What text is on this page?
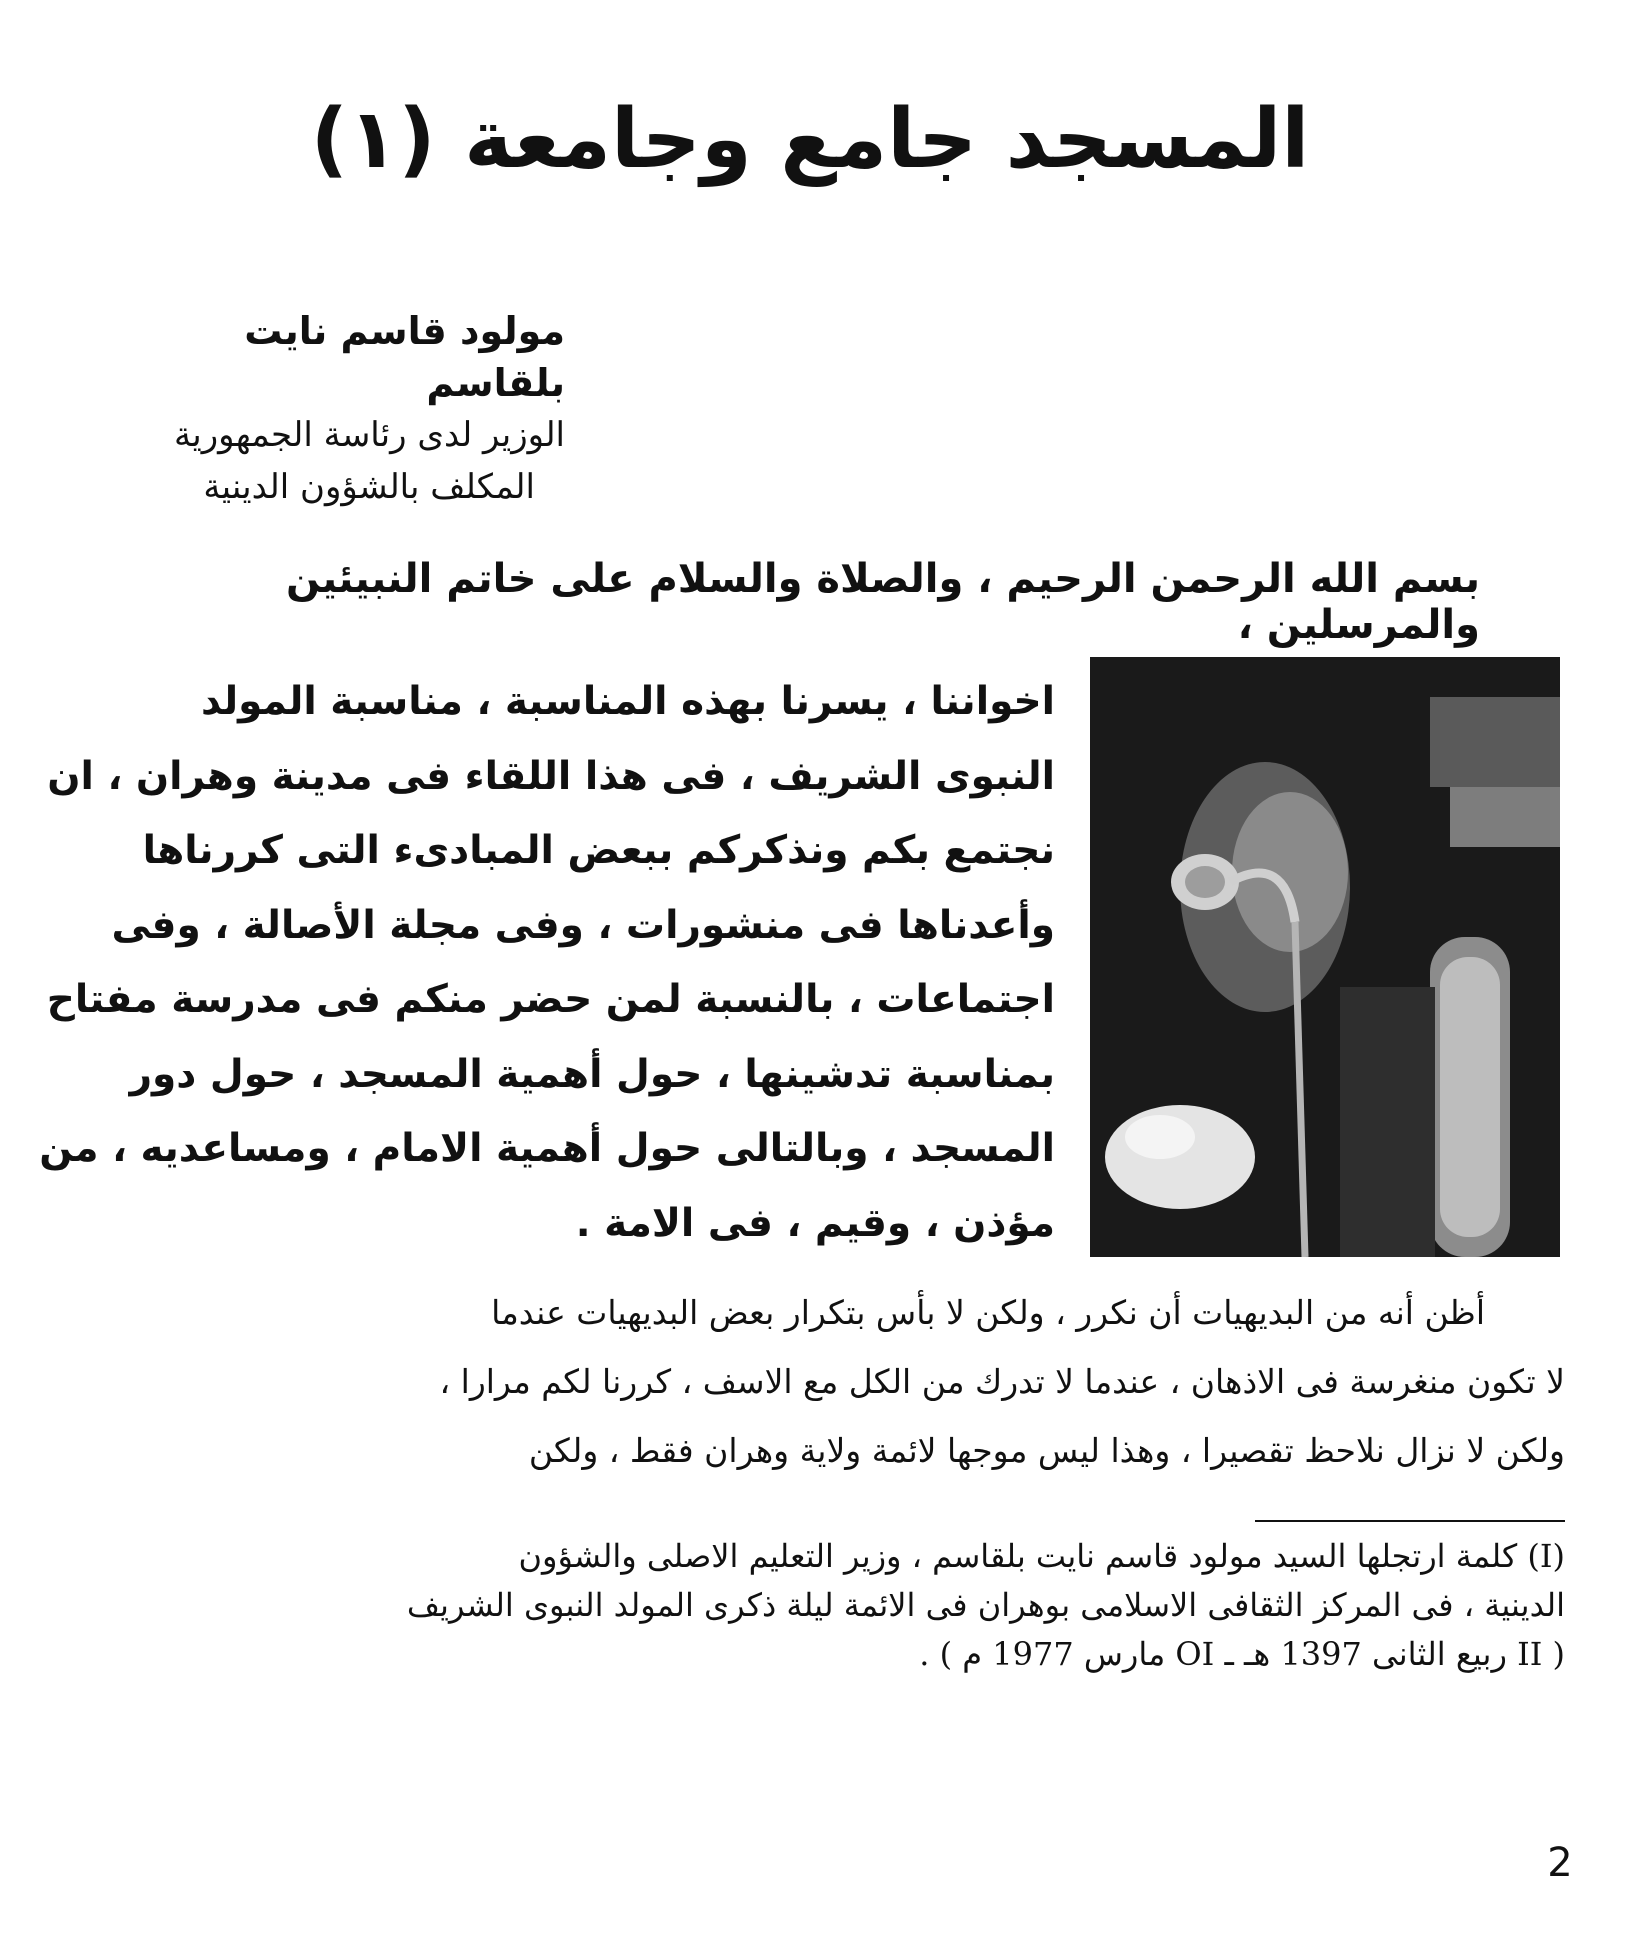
المسجد جامع وجامعة (١)
مولود قاسم نايت بلقاسم
الوزير لدى رئاسة الجمهورية
المكلف بالشؤون الدينية
بسم الله الرحمن الرحيم ، والصلاة والسلام على خاتم النبيئين والمرسلين ،
اخواننا ، يسرنا بهذه المناسبة ، مناسبة المولد
النبوى الشريف ، فى هذا اللقاء فى مدينة وهران ، ان
نجتمع بكم ونذكركم ببعض المبادىء التى كررناها
وأعدناها فى منشورات ، وفى مجلة الأصالة ، وفى
اجتماعات ، بالنسبة لمن حضر منكم فى مدرسة مفتاح
بمناسبة تدشينها ، حول أهمية المسجد ، حول دور
المسجد ، وبالتالى حول أهمية الامام ، ومساعديه ، من
مؤذن ، وقيم ، فى الامة .
أظن أنه من البديهيات أن نكرر ، ولكن لا بأس بتكرار بعض البديهيات عندما
لا تكون منغرسة فى الاذهان ، عندما لا تدرك من الكل مع الاسف ، كررنا لكم مرارا ،
ولكن لا نزال نلاحظ تقصيرا ، وهذا ليس موجها لائمة ولاية وهران فقط ، ولكن
(I) كلمة ارتجلها السيد مولود قاسم نايت بلقاسم ، وزير التعليم الاصلى والشؤون
الدينية ، فى المركز الثقافى الاسلامى بوهران فى الائمة ليلة ذكرى المولد النبوى الشريف
( II ربيع الثانى 1397 هـ ـ OI مارس 1977 م ) .
2
